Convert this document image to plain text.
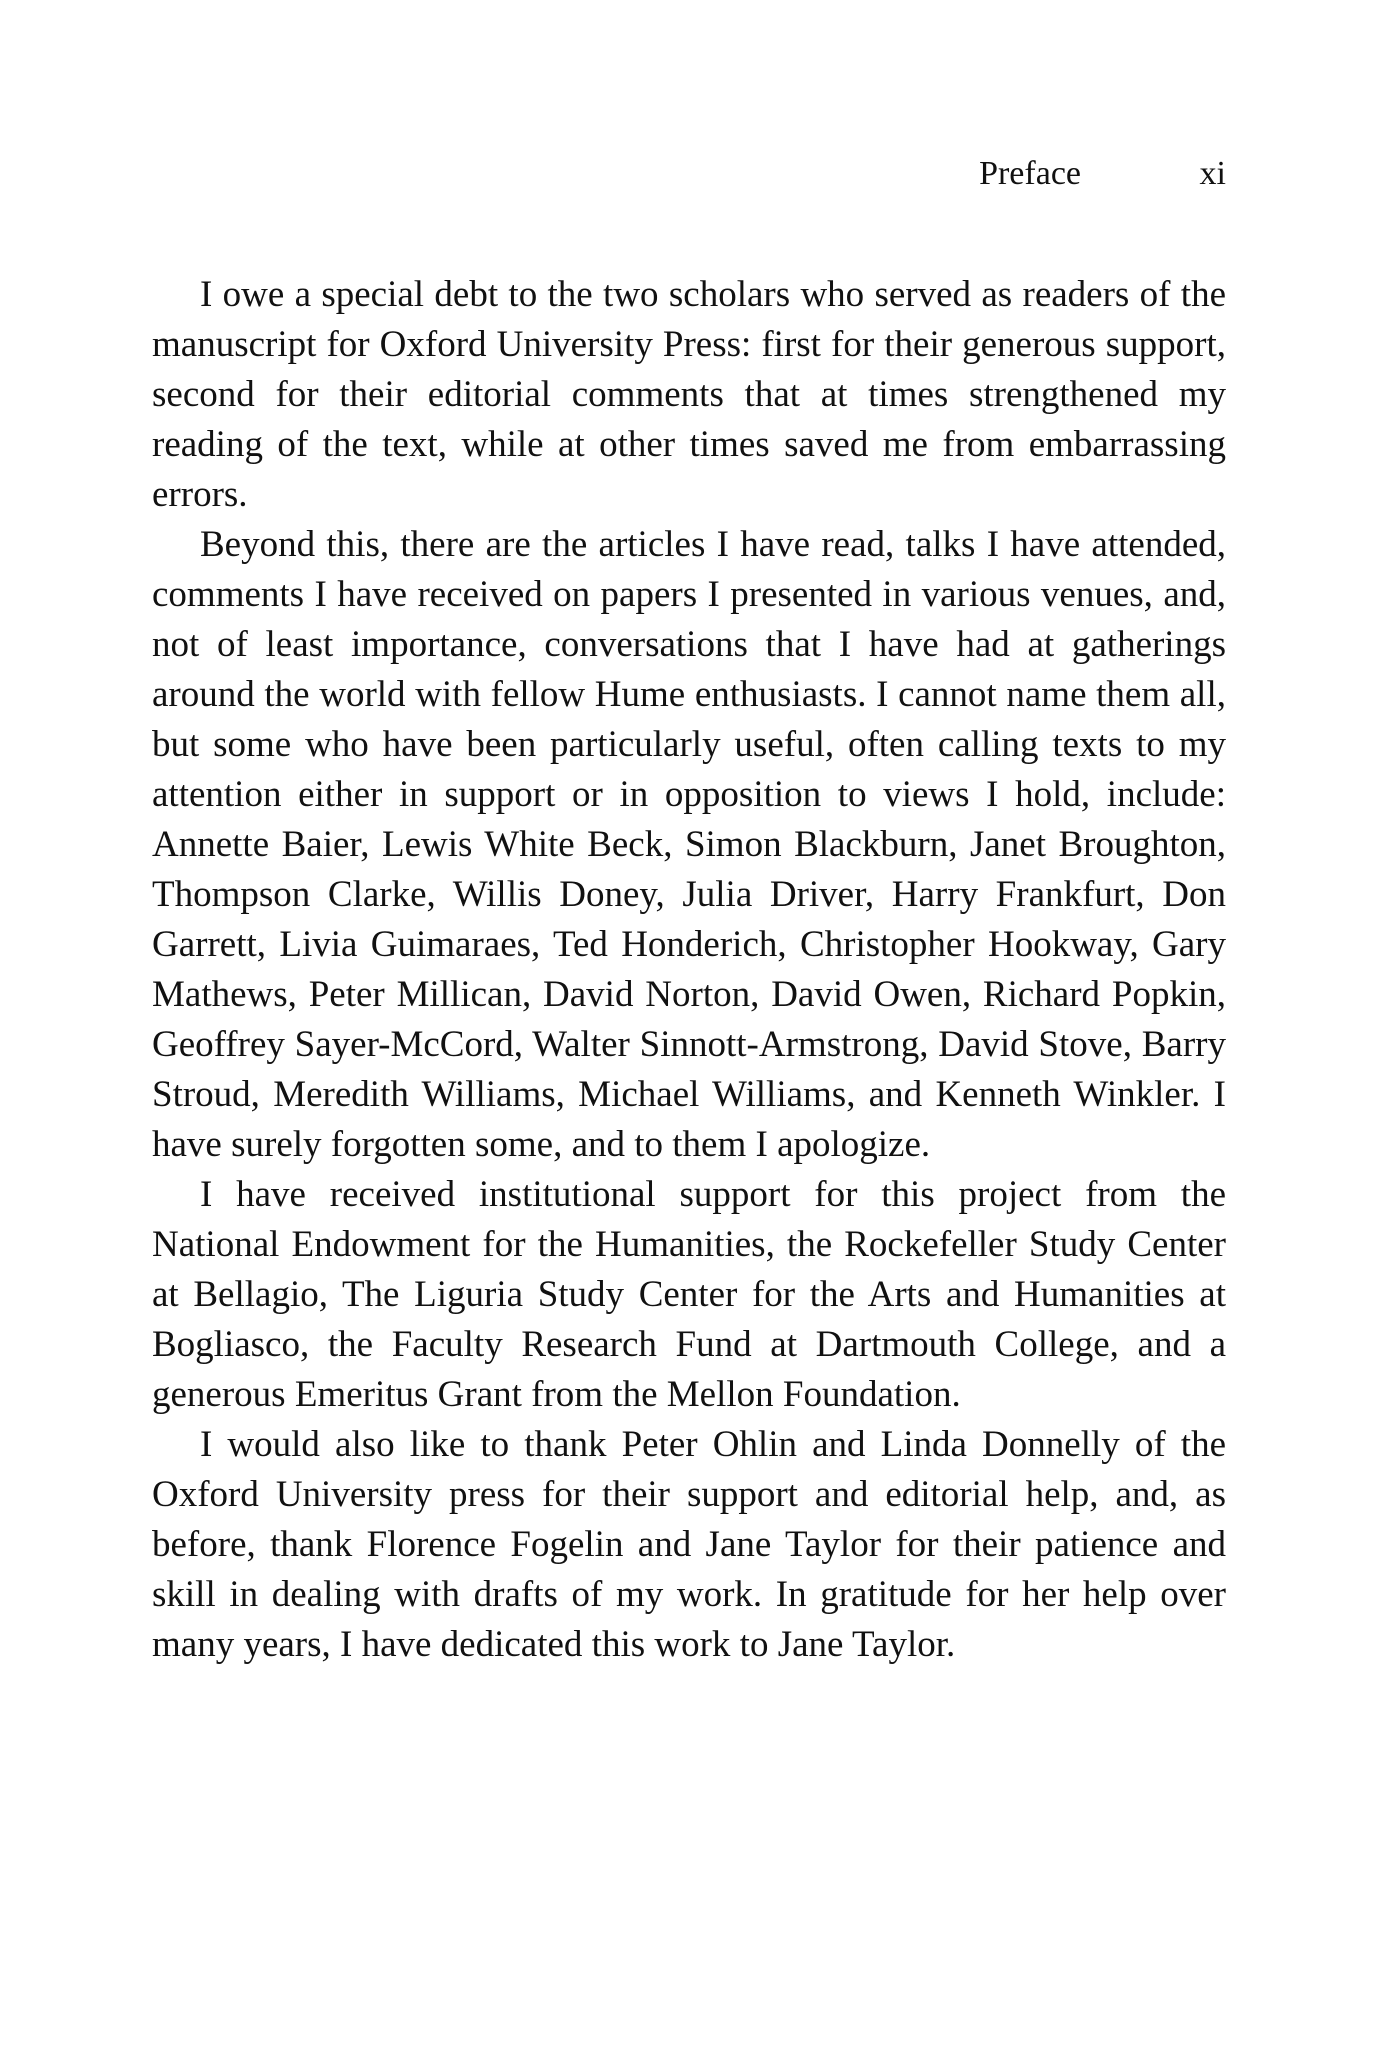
Preface	xi

I owe a special debt to the two scholars who served as readers of the manuscript for Oxford University Press: first for their generous support, second for their editorial comments that at times strengthened my reading of the text, while at other times saved me from embarrassing errors.

Beyond this, there are the articles I have read, talks I have attended, comments I have received on papers I presented in various venues, and, not of least importance, conversations that I have had at gatherings around the world with fellow Hume enthusiasts. I cannot name them all, but some who have been particularly useful, often calling texts to my attention either in support or in opposition to views I hold, include: Annette Baier, Lewis White Beck, Simon Blackburn, Janet Broughton, Thompson Clarke, Willis Doney, Julia Driver, Harry Frankfurt, Don Garrett, Livia Guimaraes, Ted Honderich, Christopher Hookway, Gary Mathews, Peter Millican, David Norton, David Owen, Richard Popkin, Geoffrey Sayer-McCord, Walter Sinnott-Armstrong, David Stove, Barry Stroud, Meredith Williams, Michael Williams, and Kenneth Winkler. I have surely forgotten some, and to them I apologize.

I have received institutional support for this project from the National Endowment for the Humanities, the Rockefeller Study Center at Bellagio, The Liguria Study Center for the Arts and Humanities at Bogliasco, the Faculty Research Fund at Dartmouth College, and a generous Emeritus Grant from the Mellon Foundation.

I would also like to thank Peter Ohlin and Linda Donnelly of the Oxford University press for their support and editorial help, and, as before, thank Florence Fogelin and Jane Taylor for their patience and skill in dealing with drafts of my work. In gratitude for her help over many years, I have dedicated this work to Jane Taylor.
